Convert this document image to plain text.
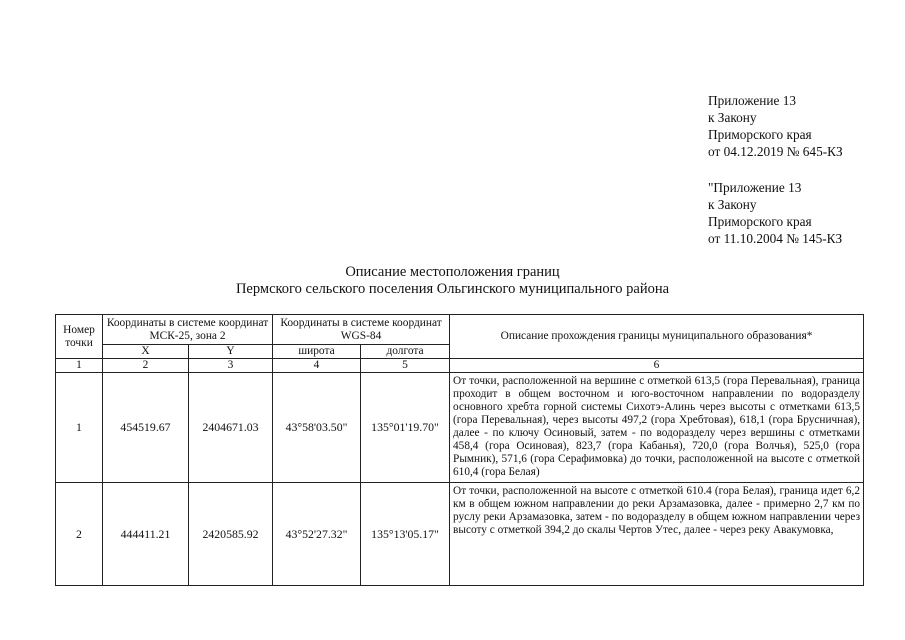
Приложение 13
к Закону
Приморского края
от 04.12.2019 № 645-КЗ
"Приложение 13
к Закону
Приморского края
от 11.10.2004 № 145-КЗ
Описание местоположения границ
Пермского сельского поселения Ольгинского муниципального района
Номер точки	Координаты в системе координат МСК-25, зона 2		Координаты в системе координат WGS-84		Описание прохождения границы муниципального образования*
	X	Y	широта	долгота	
1	2	3	4	5	6
1	454519.67	2404671.03	43°58'03.50"	135°01'19.70"	От точки, расположенной на вершине с отметкой 613,5 (гора Перевальная), граница проходит в общем восточном и юго-восточном направлении по водоразделу основного хребта горной системы Сихотэ-Алинь через высоты с отметками 613,5 (гора Перевальная), через высоты 497,2 (гора Хребтовая), 618,1 (гора Брусничная), далее - по ключу Осиновый, затем - по водоразделу через вершины с отметками 458,4 (гора Осиновая), 823,7 (гора Кабанья), 720,0 (гора Волчья), 525,0 (гора Рымник), 571,6 (гора Серафимовка) до точки, расположенной на высоте с отметкой 610,4 (гора Белая)
2	444411.21	2420585.92	43°52'27.32"	135°13'05.17"	От точки, расположенной на высоте с отметкой 610.4 (гора Белая), граница идет 6,2 км в общем южном направлении до реки Арзамазовка, далее - примерно 2,7 км по руслу реки Арзамазовка, затем - по водоразделу в общем южном направлении через высоту с отметкой 394,2 до скалы Чертов Утес, далее - через реку Авакумовка,
